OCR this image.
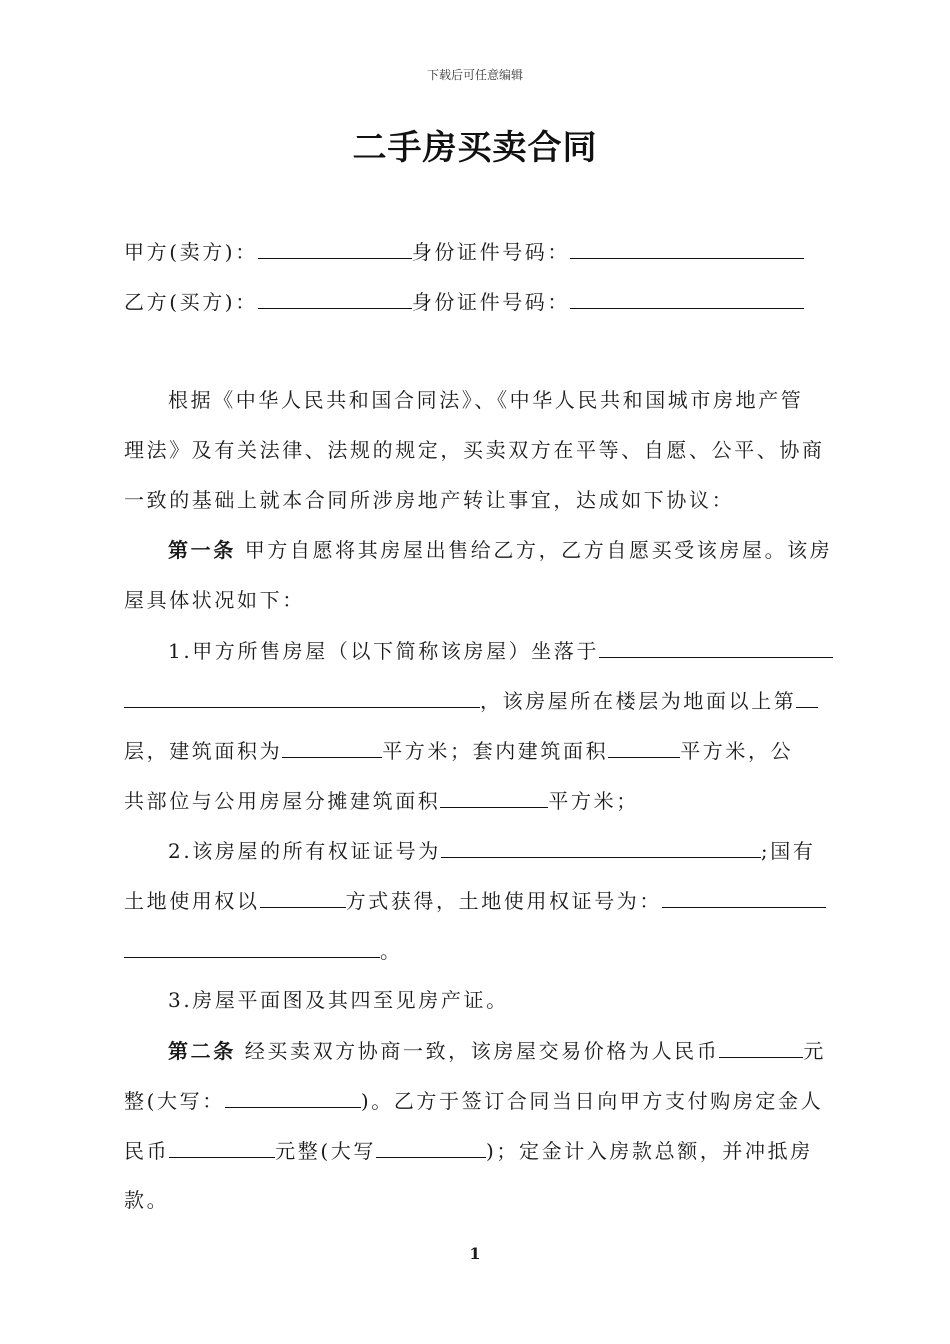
下载后可任意编辑
二手房买卖合同
甲方(卖方)：	身份证件号码：
乙方(买方)：	身份证件号码：
根据《中华人民共和国合同法》、《中华人民共和国城市房地产管
理法》及有关法律、法规的规定，买卖双方在平等、自愿、公平、协商
一致的基础上就本合同所涉房地产转让事宜，达成如下协议：
第一条 甲方自愿将其房屋出售给乙方，乙方自愿买受该房屋。该房
屋具体状况如下：
1.甲方所售房屋（以下简称该房屋）坐落于
，该房屋所在楼层为地面以上第
层，建筑面积为	平方米；套内建筑面积	平方米，公
共部位与公用房屋分摊建筑面积	平方米；
2.该房屋的所有权证证号为	;国有
土地使用权以	方式获得，土地使用权证号为：
。
3.房屋平面图及其四至见房产证。
第二条 经买卖双方协商一致，该房屋交易价格为人民币	元
整(大写：	)。乙方于签订合同当日向甲方支付购房定金人
民币	元整(大写	)；定金计入房款总额，并冲抵房
款。
1
